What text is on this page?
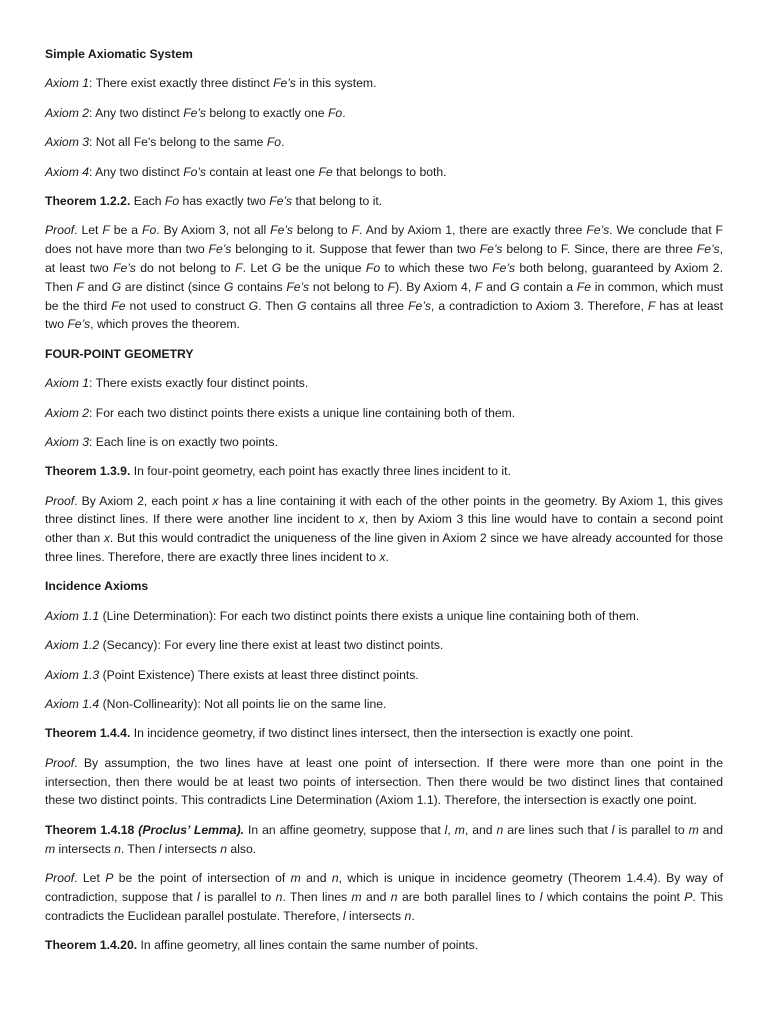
Simple Axiomatic System

Axiom 1: There exist exactly three distinct Fe’s in this system.

Axiom 2: Any two distinct Fe’s belong to exactly one Fo.

Axiom 3: Not all Fe's belong to the same Fo.

Axiom 4: Any two distinct Fo’s contain at least one Fe that belongs to both.

Theorem 1.2.2. Each Fo has exactly two Fe’s that belong to it.

Proof. Let F be a Fo. By Axiom 3, not all Fe’s belong to F. And by Axiom 1, there are exactly three Fe’s. We conclude that F does not have more than two Fe’s belonging to it. Suppose that fewer than two Fe’s belong to F. Since, there are three Fe’s, at least two Fe’s do not belong to F. Let G be the unique Fo to which these two Fe’s both belong, guaranteed by Axiom 2. Then F and G are distinct (since G contains Fe’s not belong to F). By Axiom 4, F and G contain a Fe in common, which must be the third Fe not used to construct G. Then G contains all three Fe’s, a contradiction to Axiom 3. Therefore, F has at least two Fe’s, which proves the theorem.

FOUR-POINT GEOMETRY

Axiom 1: There exists exactly four distinct points.

Axiom 2: For each two distinct points there exists a unique line containing both of them.

Axiom 3: Each line is on exactly two points.

Theorem 1.3.9. In four-point geometry, each point has exactly three lines incident to it.

Proof. By Axiom 2, each point x has a line containing it with each of the other points in the geometry. By Axiom 1, this gives three distinct lines. If there were another line incident to x, then by Axiom 3 this line would have to contain a second point other than x. But this would contradict the uniqueness of the line given in Axiom 2 since we have already accounted for those three lines. Therefore, there are exactly three lines incident to x.

Incidence Axioms

Axiom 1.1 (Line Determination): For each two distinct points there exists a unique line containing both of them.

Axiom 1.2 (Secancy): For every line there exist at least two distinct points.

Axiom 1.3 (Point Existence) There exists at least three distinct points.

Axiom 1.4 (Non-Collinearity): Not all points lie on the same line.

Theorem 1.4.4. In incidence geometry, if two distinct lines intersect, then the intersection is exactly one point.

Proof. By assumption, the two lines have at least one point of intersection. If there were more than one point in the intersection, then there would be at least two points of intersection. Then there would be two distinct lines that contained these two distinct points. This contradicts Line Determination (Axiom 1.1). Therefore, the intersection is exactly one point.

Theorem 1.4.18 (Proclus’ Lemma). In an affine geometry, suppose that l, m, and n are lines such that l is parallel to m and m intersects n. Then l intersects n also.

Proof. Let P be the point of intersection of m and n, which is unique in incidence geometry (Theorem 1.4.4). By way of contradiction, suppose that l is parallel to n. Then lines m and n are both parallel lines to l which contains the point P. This contradicts the Euclidean parallel postulate. Therefore, l intersects n.

Theorem 1.4.20. In affine geometry, all lines contain the same number of points.
